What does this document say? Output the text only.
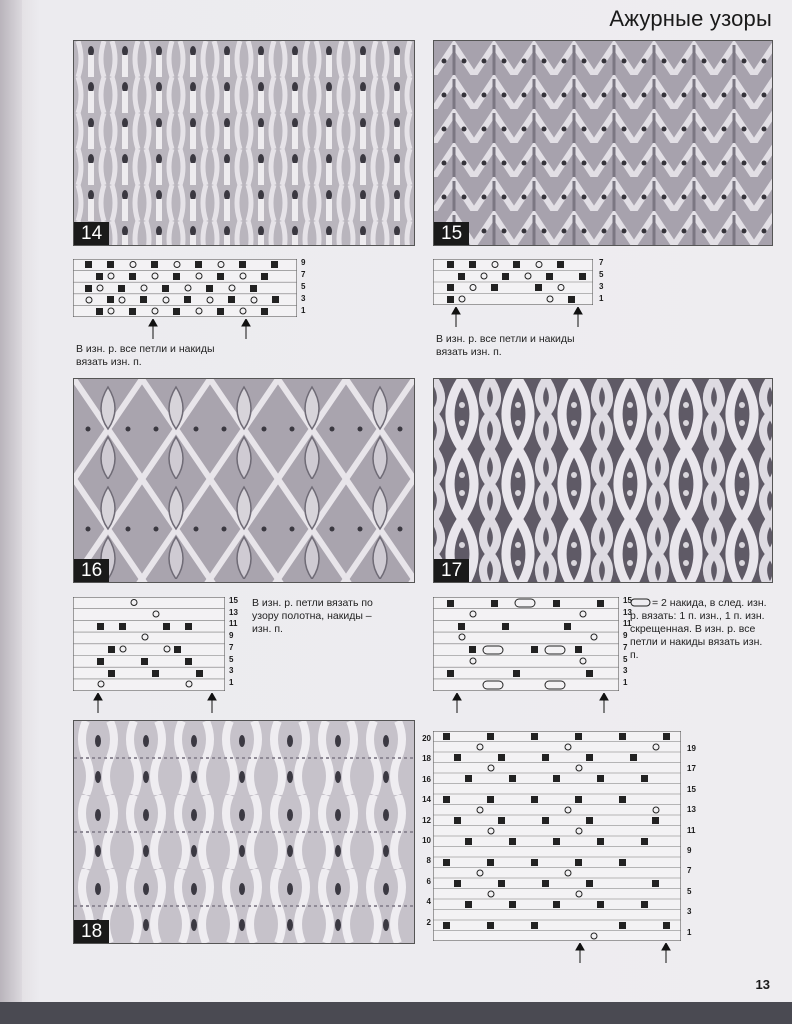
Ажурные узоры
14	15
9
7
5
3
1
В изн. р. все петли и накиды вязать изн. п.
7
5
3
1
В изн. р. все петли и накиды вязать изн. п.
16	17
15
13
11
9
7
5
3
1
В изн. р. петли вязать по узору полотна, накиды – изн. п.
15
13
11
9
7
5
3
1
= 2 накида, в след. изн. р. вязать: 1 п. изн., 1 п. изн. скрещенная. В изн. р. все петли и накиды вязать изн. п.
18
20
18
16
14
12
10
8
6
4
2
19
17
15
13
11
9
7
5
3
1
13
